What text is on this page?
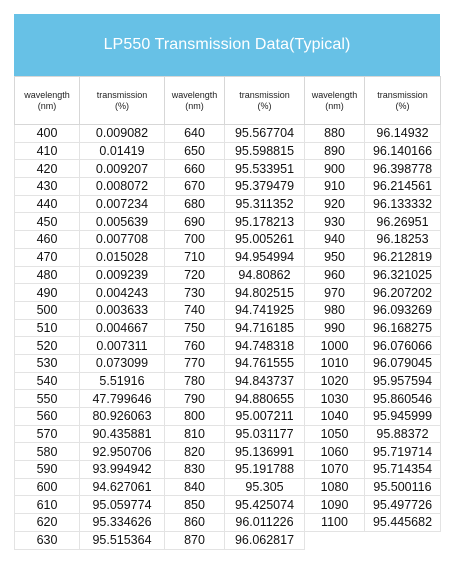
LP550 Transmission Data(Typical)
wavelength
(nm)	transmission
(%)	wavelength
(nm)	transmission
(%)	wavelength
(nm)	transmission
(%)
400	0.009082	640	95.567704	880	96.14932
410	0.01419	650	95.598815	890	96.140166
420	0.009207	660	95.533951	900	96.398778
430	0.008072	670	95.379479	910	96.214561
440	0.007234	680	95.311352	920	96.133332
450	0.005639	690	95.178213	930	96.26951
460	0.007708	700	95.005261	940	96.18253
470	0.015028	710	94.954994	950	96.212819
480	0.009239	720	94.80862	960	96.321025
490	0.004243	730	94.802515	970	96.207202
500	0.003633	740	94.741925	980	96.093269
510	0.004667	750	94.716185	990	96.168275
520	0.007311	760	94.748318	1000	96.076066
530	0.073099	770	94.761555	1010	96.079045
540	5.51916	780	94.843737	1020	95.957594
550	47.799646	790	94.880655	1030	95.860546
560	80.926063	800	95.007211	1040	95.945999
570	90.435881	810	95.031177	1050	95.88372
580	92.950706	820	95.136991	1060	95.719714
590	93.994942	830	95.191788	1070	95.714354
600	94.627061	840	95.305	1080	95.500116
610	95.059774	850	95.425074	1090	95.497726
620	95.334626	860	96.011226	1100	95.445682
630	95.515364	870	96.062817		
